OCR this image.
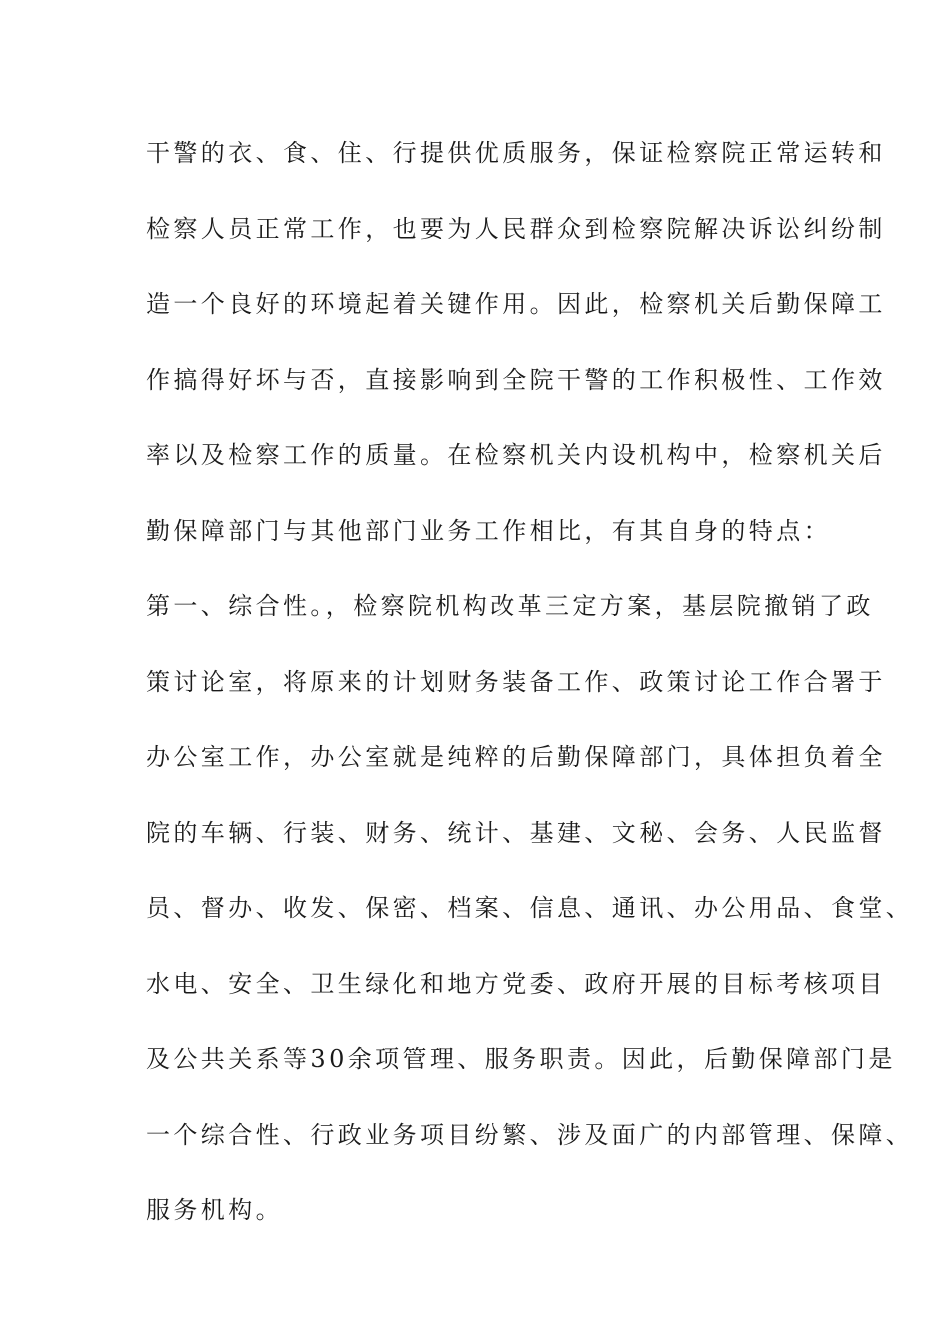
干警的衣、食、住、行提供优质服务，保证检察院正常运转和
检察人员正常工作，也要为人民群众到检察院解决诉讼纠纷制
造一个良好的环境起着关键作用。因此，检察机关后勤保障工
作搞得好坏与否，直接影响到全院干警的工作积极性、工作效
率以及检察工作的质量。在检察机关内设机构中，检察机关后
勤保障部门与其他部门业务工作相比，有其自身的特点：
第一、综合性。，检察院机构改革三定方案，基层院撤销了政
策讨论室，将原来的计划财务装备工作、政策讨论工作合署于
办公室工作，办公室就是纯粹的后勤保障部门，具体担负着全
院的车辆、行装、财务、统计、基建、文秘、会务、人民监督
员、督办、收发、保密、档案、信息、通讯、办公用品、食堂、
水电、安全、卫生绿化和地方党委、政府开展的目标考核项目
及公共关系等30余项管理、服务职责。因此，后勤保障部门是
一个综合性、行政业务项目纷繁、涉及面广的内部管理、保障、
服务机构。
